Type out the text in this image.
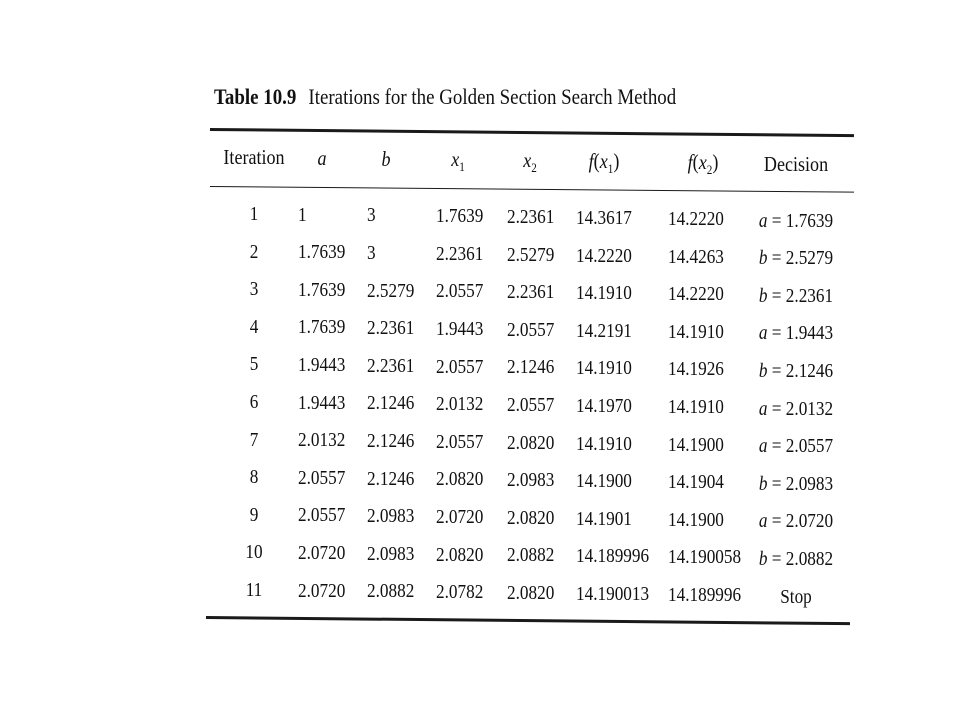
Table 10.9 Iterations for the Golden Section Search Method
Iteration a	b	$x_1$	$x_2$ $f(x_1)$	$f(x_2)$ Decision
1 1	3	1.7639 2.2361 14.3617 14.2220 a = 1.7639
2 1.7639 3	2.2361 2.5279 14.2220 14.4263 b = 2.5279
3 1.7639 2.5279 2.0557 2.2361 14.1910 14.2220 b = 2.2361
4 1.7639 2.2361 1.9443 2.0557 14.2191 14.1910 a = 1.9443
5 1.9443 2.2361 2.0557 2.1246 14.1910 14.1926 b = 2.1246
6 1.9443 2.1246 2.0132 2.0557 14.1970 14.1910 a = 2.0132
7 2.0132 2.1246 2.0557 2.0820 14.1910 14.1900 a = 2.0557
8 2.0557 2.1246 2.0820 2.0983 14.1900 14.1904 b = 2.0983
9 2.0557 2.0983 2.0720 2.0820 14.1901 14.1900 a = 2.0720
10 2.0720 2.0983 2.0820 2.0882 14.189996 14.190058 b = 2.0882
11 2.0720 2.0882 2.0782 2.0820 14.190013 14.189996 Stop
